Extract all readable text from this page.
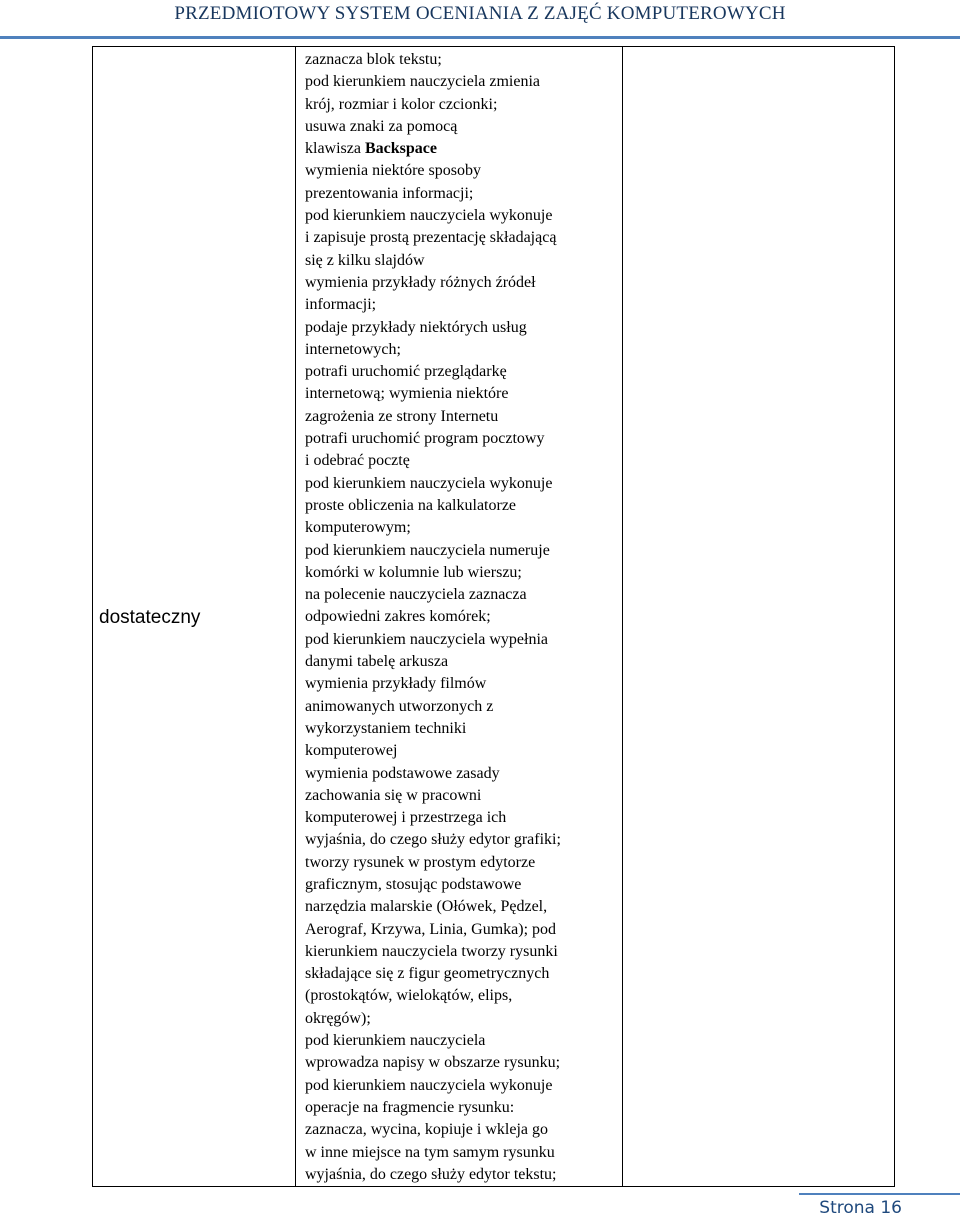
PRZEDMIOTOWY SYSTEM OCENIANIA Z ZAJĘĆ KOMPUTEROWYCH
dostateczny

zaznacza blok tekstu;
pod kierunkiem nauczyciela zmienia
krój, rozmiar i kolor czcionki;
usuwa znaki za pomocą
klawisza Backspace
wymienia niektóre sposoby
prezentowania informacji;
pod kierunkiem nauczyciela wykonuje
i zapisuje prostą prezentację składającą
się z kilku slajdów
wymienia przykłady różnych źródeł
informacji;
podaje przykłady niektórych usług
internetowych;
potrafi uruchomić przeglądarkę
internetową; wymienia niektóre
zagrożenia ze strony Internetu
potrafi uruchomić program pocztowy
i odebrać pocztę
pod kierunkiem nauczyciela wykonuje
proste obliczenia na kalkulatorze
komputerowym;
pod kierunkiem nauczyciela numeruje
komórki w kolumnie lub wierszu;
na polecenie nauczyciela zaznacza
odpowiedni zakres komórek;
pod kierunkiem nauczyciela wypełnia
danymi tabelę arkusza
wymienia przykłady filmów
animowanych utworzonych z
wykorzystaniem techniki
komputerowej
wymienia podstawowe zasady
zachowania się w pracowni
komputerowej i przestrzega ich
wyjaśnia, do czego służy edytor grafiki;
tworzy rysunek w prostym edytorze
graficznym, stosując podstawowe
narzędzia malarskie (Ołówek, Pędzel,
Aerograf, Krzywa, Linia, Gumka); pod
kierunkiem nauczyciela tworzy rysunki
składające się z figur geometrycznych
(prostokątów, wielokątów, elips,
okręgów);
pod kierunkiem nauczyciela
wprowadza napisy w obszarze rysunku;
pod kierunkiem nauczyciela wykonuje
operacje na fragmencie rysunku:
zaznacza, wycina, kopiuje i wkleja go
w inne miejsce na tym samym rysunku
wyjaśnia, do czego służy edytor tekstu;

Strona 16
